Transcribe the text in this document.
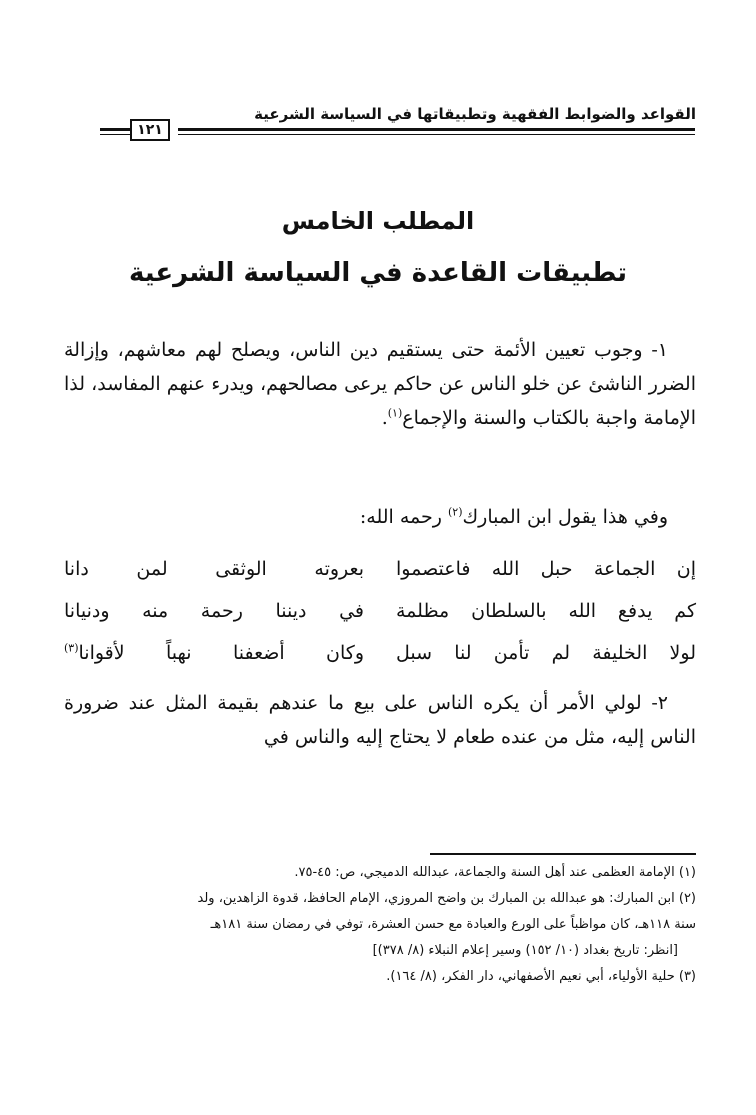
القواعد والضوابط الفقهية وتطبيقاتها في السياسة الشرعية
١٢١
المطلب الخامس
تطبيقات القاعدة في السياسة الشرعية
١- وجوب تعيين الأئمة حتى يستقيم دين الناس، ويصلح لهم معاشهم، وإزالة الضرر الناشئ عن خلو الناس عن حاكم يرعى مصالحهم، ويدرء عنهم المفاسد، لذا الإمامة واجبة بالكتاب والسنة والإجماع$^{(١)}$.
وفي هذا يقول ابن المبارك$^{(٢)}$ رحمه الله:
إن الجماعة حبل الله فاعتصموا
بعروته الوثقى لمن دانا
كم يدفع الله بالسلطان مظلمة
في ديننا رحمة منه ودنيانا
لولا الخليفة لم تأمن لنا سبل
وكان أضعفنا نهباً لأقوانا$^{(٣)}$
٢- لولي الأمر أن يكره الناس على بيع ما عندهم بقيمة المثل عند ضرورة الناس إليه، مثل من عنده طعام لا يحتاج إليه والناس في
(١) الإمامة العظمى عند أهل السنة والجماعة، عبدالله الدميجي، ص: ٤٥-٧٥.
(٢) ابن المبارك: هو عبدالله بن المبارك بن واضح المروزي، الإمام الحافظ، قدوة الزاهدين، ولد
سنة ١١٨هـ، كان مواظباً على الورع والعبادة مع حسن العشرة، توفي في رمضان سنة ١٨١هـ
[انظر: تاريخ بغداد (١٠/ ١٥٢) وسير إعلام النبلاء (٨/ ٣٧٨)]
(٣) حلية الأولياء، أبي نعيم الأصفهاني، دار الفكر، (٨/ ١٦٤).
